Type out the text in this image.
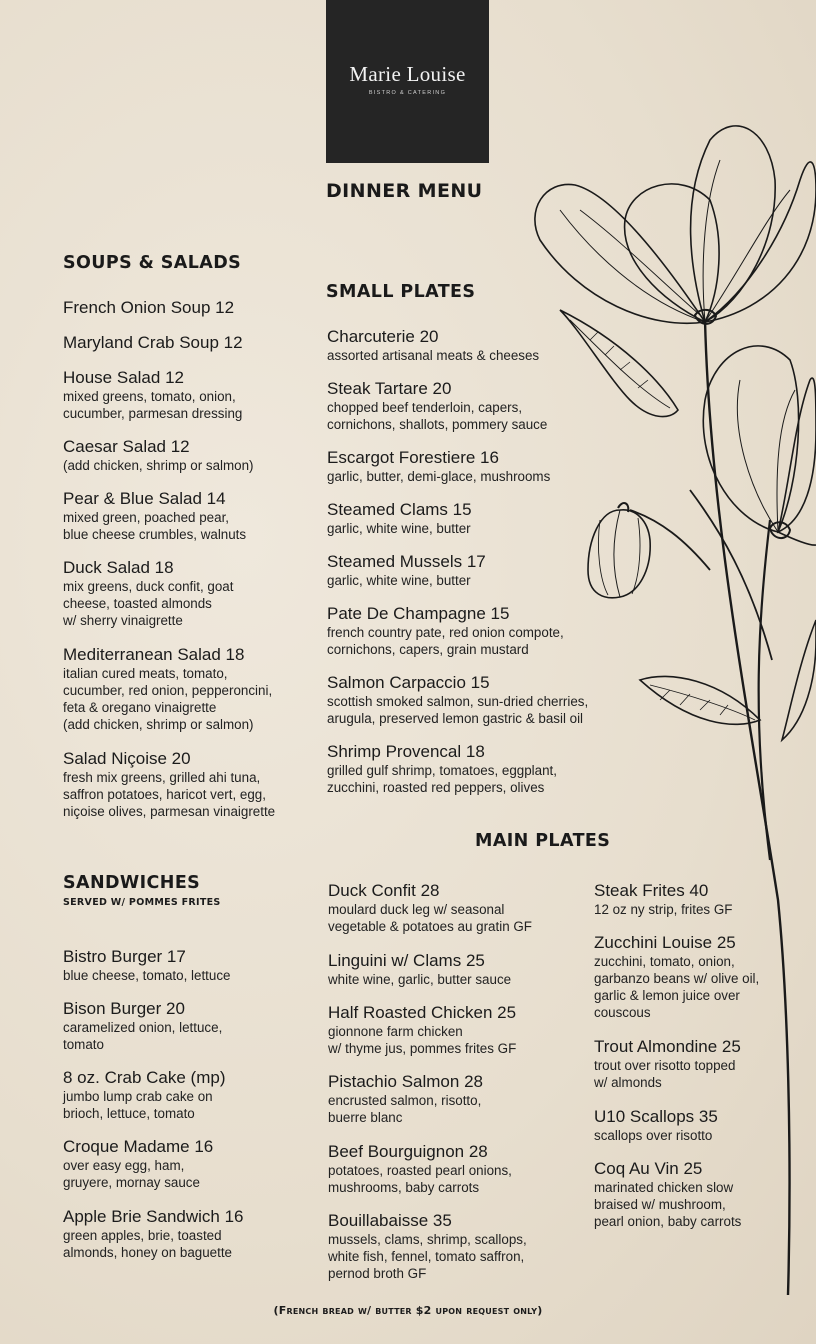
Marie Louise
BISTRO & CATERING
DINNER MENU
SOUPS & SALADS
French Onion Soup 12
Maryland Crab Soup 12
House Salad 12
mixed greens, tomato, onion,
cucumber, parmesan dressing
Caesar Salad 12
(add chicken, shrimp or salmon)
Pear & Blue Salad 14
mixed green, poached pear,
blue cheese crumbles, walnuts
Duck Salad 18
mix greens, duck confit, goat
cheese, toasted almonds
w/ sherry vinaigrette
Mediterranean Salad 18
italian cured meats, tomato,
cucumber, red onion, pepperoncini,
feta & oregano vinaigrette
(add chicken, shrimp or salmon)
Salad Niçoise 20
fresh mix greens, grilled ahi tuna,
saffron potatoes, haricot vert, egg,
niçoise olives, parmesan vinaigrette
SMALL PLATES
Charcuterie 20
assorted artisanal meats & cheeses
Steak Tartare 20
chopped beef tenderloin, capers,
cornichons, shallots, pommery sauce
Escargot Forestiere 16
garlic, butter, demi-glace, mushrooms
Steamed Clams 15
garlic, white wine, butter
Steamed Mussels 17
garlic, white wine, butter
Pate De Champagne 15
french country pate, red onion compote,
cornichons, capers, grain mustard
Salmon Carpaccio 15
scottish smoked salmon, sun-dried cherries,
arugula, preserved lemon gastric & basil oil
Shrimp Provencal 18
grilled gulf shrimp, tomatoes, eggplant,
zucchini, roasted red peppers, olives
SANDWICHES
SERVED W/ POMMES FRITES
Bistro Burger 17
blue cheese, tomato, lettuce
Bison Burger 20
caramelized onion, lettuce,
tomato
8 oz. Crab Cake (mp)
jumbo lump crab cake on
brioch, lettuce, tomato
Croque Madame 16
over easy egg, ham,
gruyere, mornay sauce
Apple Brie Sandwich 16
green apples, brie, toasted
almonds, honey on baguette
MAIN PLATES
Duck Confit 28
moulard duck leg w/ seasonal
vegetable & potatoes au gratin GF
Linguini w/ Clams 25
white wine, garlic, butter sauce
Half Roasted Chicken 25
gionnone farm chicken
w/ thyme jus, pommes frites GF
Pistachio Salmon 28
encrusted salmon, risotto,
buerre blanc
Beef Bourguignon 28
potatoes, roasted pearl onions,
mushrooms, baby carrots
Bouillabaisse 35
mussels, clams, shrimp, scallops,
white fish, fennel, tomato saffron,
pernod broth GF
Steak Frites 40
12 oz ny strip, frites GF
Zucchini Louise 25
zucchini, tomato, onion,
garbanzo beans w/ olive oil,
garlic & lemon juice over
couscous
Trout Almondine 25
trout over risotto topped
w/ almonds
U10 Scallops 35
scallops over risotto
Coq Au Vin 25
marinated chicken slow
braised w/ mushroom,
pearl onion, baby carrots
(French bread w/ butter $2 upon request only)
